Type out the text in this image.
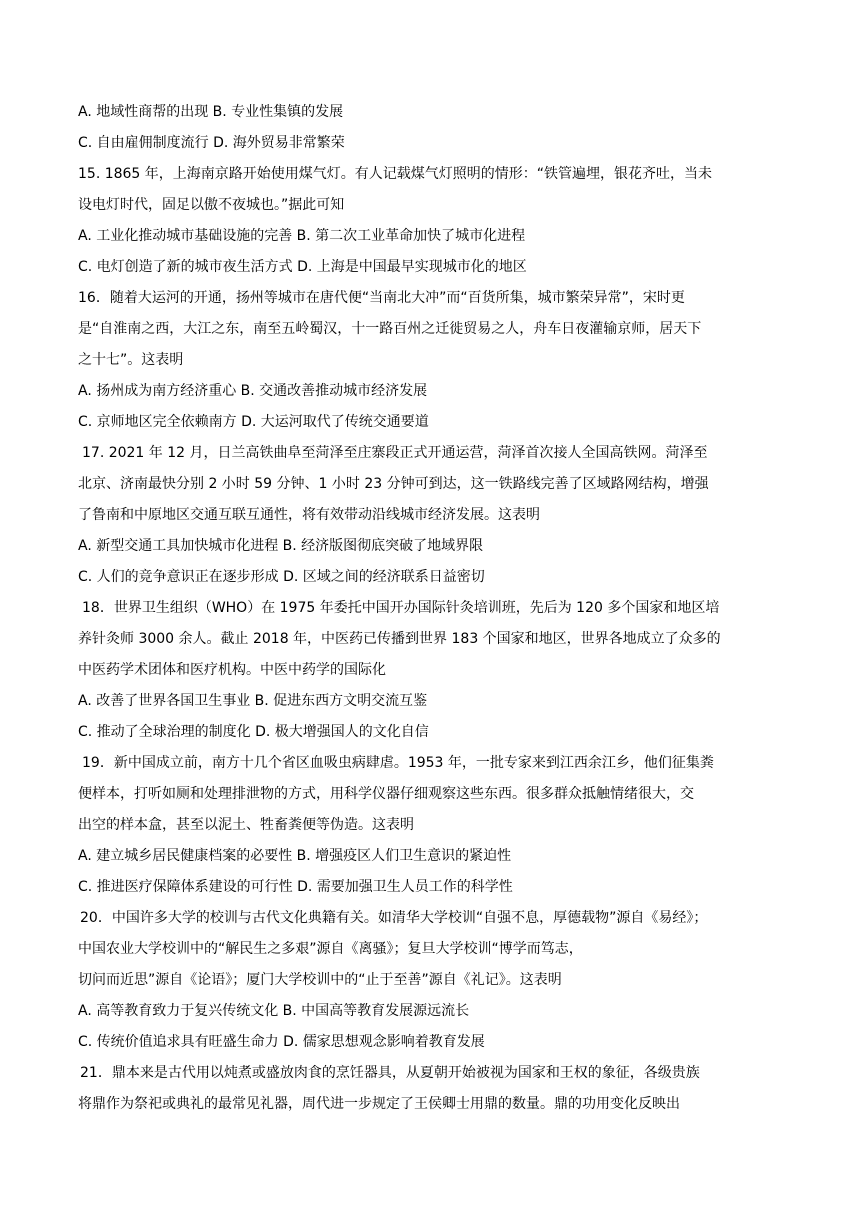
A. 地域性商帮的出现 B. 专业性集镇的发展
C. 自由雇佣制度流行 D. 海外贸易非常繁荣
15. 1865 年，上海南京路开始使用煤气灯。有人记载煤气灯照明的情形：“铁管遍埋，银花齐吐，当未
设电灯时代，固足以傲不夜城也。”据此可知
A. 工业化推动城市基础设施的完善 B. 第二次工业革命加快了城市化进程
C. 电灯创造了新的城市夜生活方式 D. 上海是中国最早实现城市化的地区
16．随着大运河的开通，扬州等城市在唐代便“当南北大冲”而“百货所集，城市繁荣异常”，宋时更
是“自淮南之西，大江之东，南至五岭蜀汉，十一路百州之迁徙贸易之人，舟车日夜灌输京师，居天下
之十七”。这表明
A. 扬州成为南方经济重心 B. 交通改善推动城市经济发展
C. 京师地区完全依赖南方 D. 大运河取代了传统交通要道
17. 2021 年 12 月，日兰高铁曲阜至菏泽至庄寨段正式开通运营，菏泽首次接人全国高铁网。菏泽至
北京、济南最快分别 2 小时 59 分钟、1 小时 23 分钟可到达，这一铁路线完善了区域路网结构，增强
了鲁南和中原地区交通互联互通性，将有效带动沿线城市经济发展。这表明
A. 新型交通工具加快城市化进程 B. 经济版图彻底突破了地域界限
C. 人们的竞争意识正在逐步形成 D. 区域之间的经济联系日益密切
18．世界卫生组织（WHO）在 1975 年委托中国开办国际针灸培训班，先后为 120 多个国家和地区培
养针灸师 3000 余人。截止 2018 年，中医药已传播到世界 183 个国家和地区，世界各地成立了众多的
中医药学术团体和医疗机构。中医中药学的国际化
A. 改善了世界各国卫生事业 B. 促进东西方文明交流互鉴
C. 推动了全球治理的制度化 D. 极大增强国人的文化自信
19．新中国成立前，南方十几个省区血吸虫病肆虐。1953 年，一批专家来到江西余江乡，他们征集粪
便样本，打听如厕和处理排泄物的方式，用科学仪器仔细观察这些东西。很多群众抵触情绪很大，交
出空的样本盒，甚至以泥土、牲畜粪便等伪造。这表明
A. 建立城乡居民健康档案的必要性 B. 增强疫区人们卫生意识的紧迫性
C. 推进医疗保障体系建设的可行性 D. 需要加强卫生人员工作的科学性
20．中国许多大学的校训与古代文化典籍有关。如清华大学校训“自强不息，厚德载物”源自《易经》；
中国农业大学校训中的“解民生之多艰”源自《离骚》；复旦大学校训“博学而笃志，
切问而近思”源自《论语》；厦门大学校训中的“止于至善”源自《礼记》。这表明
A. 高等教育致力于复兴传统文化 B. 中国高等教育发展源远流长
C. 传统价值追求具有旺盛生命力 D. 儒家思想观念影响着教育发展
21．鼎本来是古代用以炖煮或盛放肉食的烹饪器具，从夏朝开始被视为国家和王权的象征，各级贵族
将鼎作为祭祀或典礼的最常见礼器，周代进一步规定了王侯卿士用鼎的数量。鼎的功用变化反映出
